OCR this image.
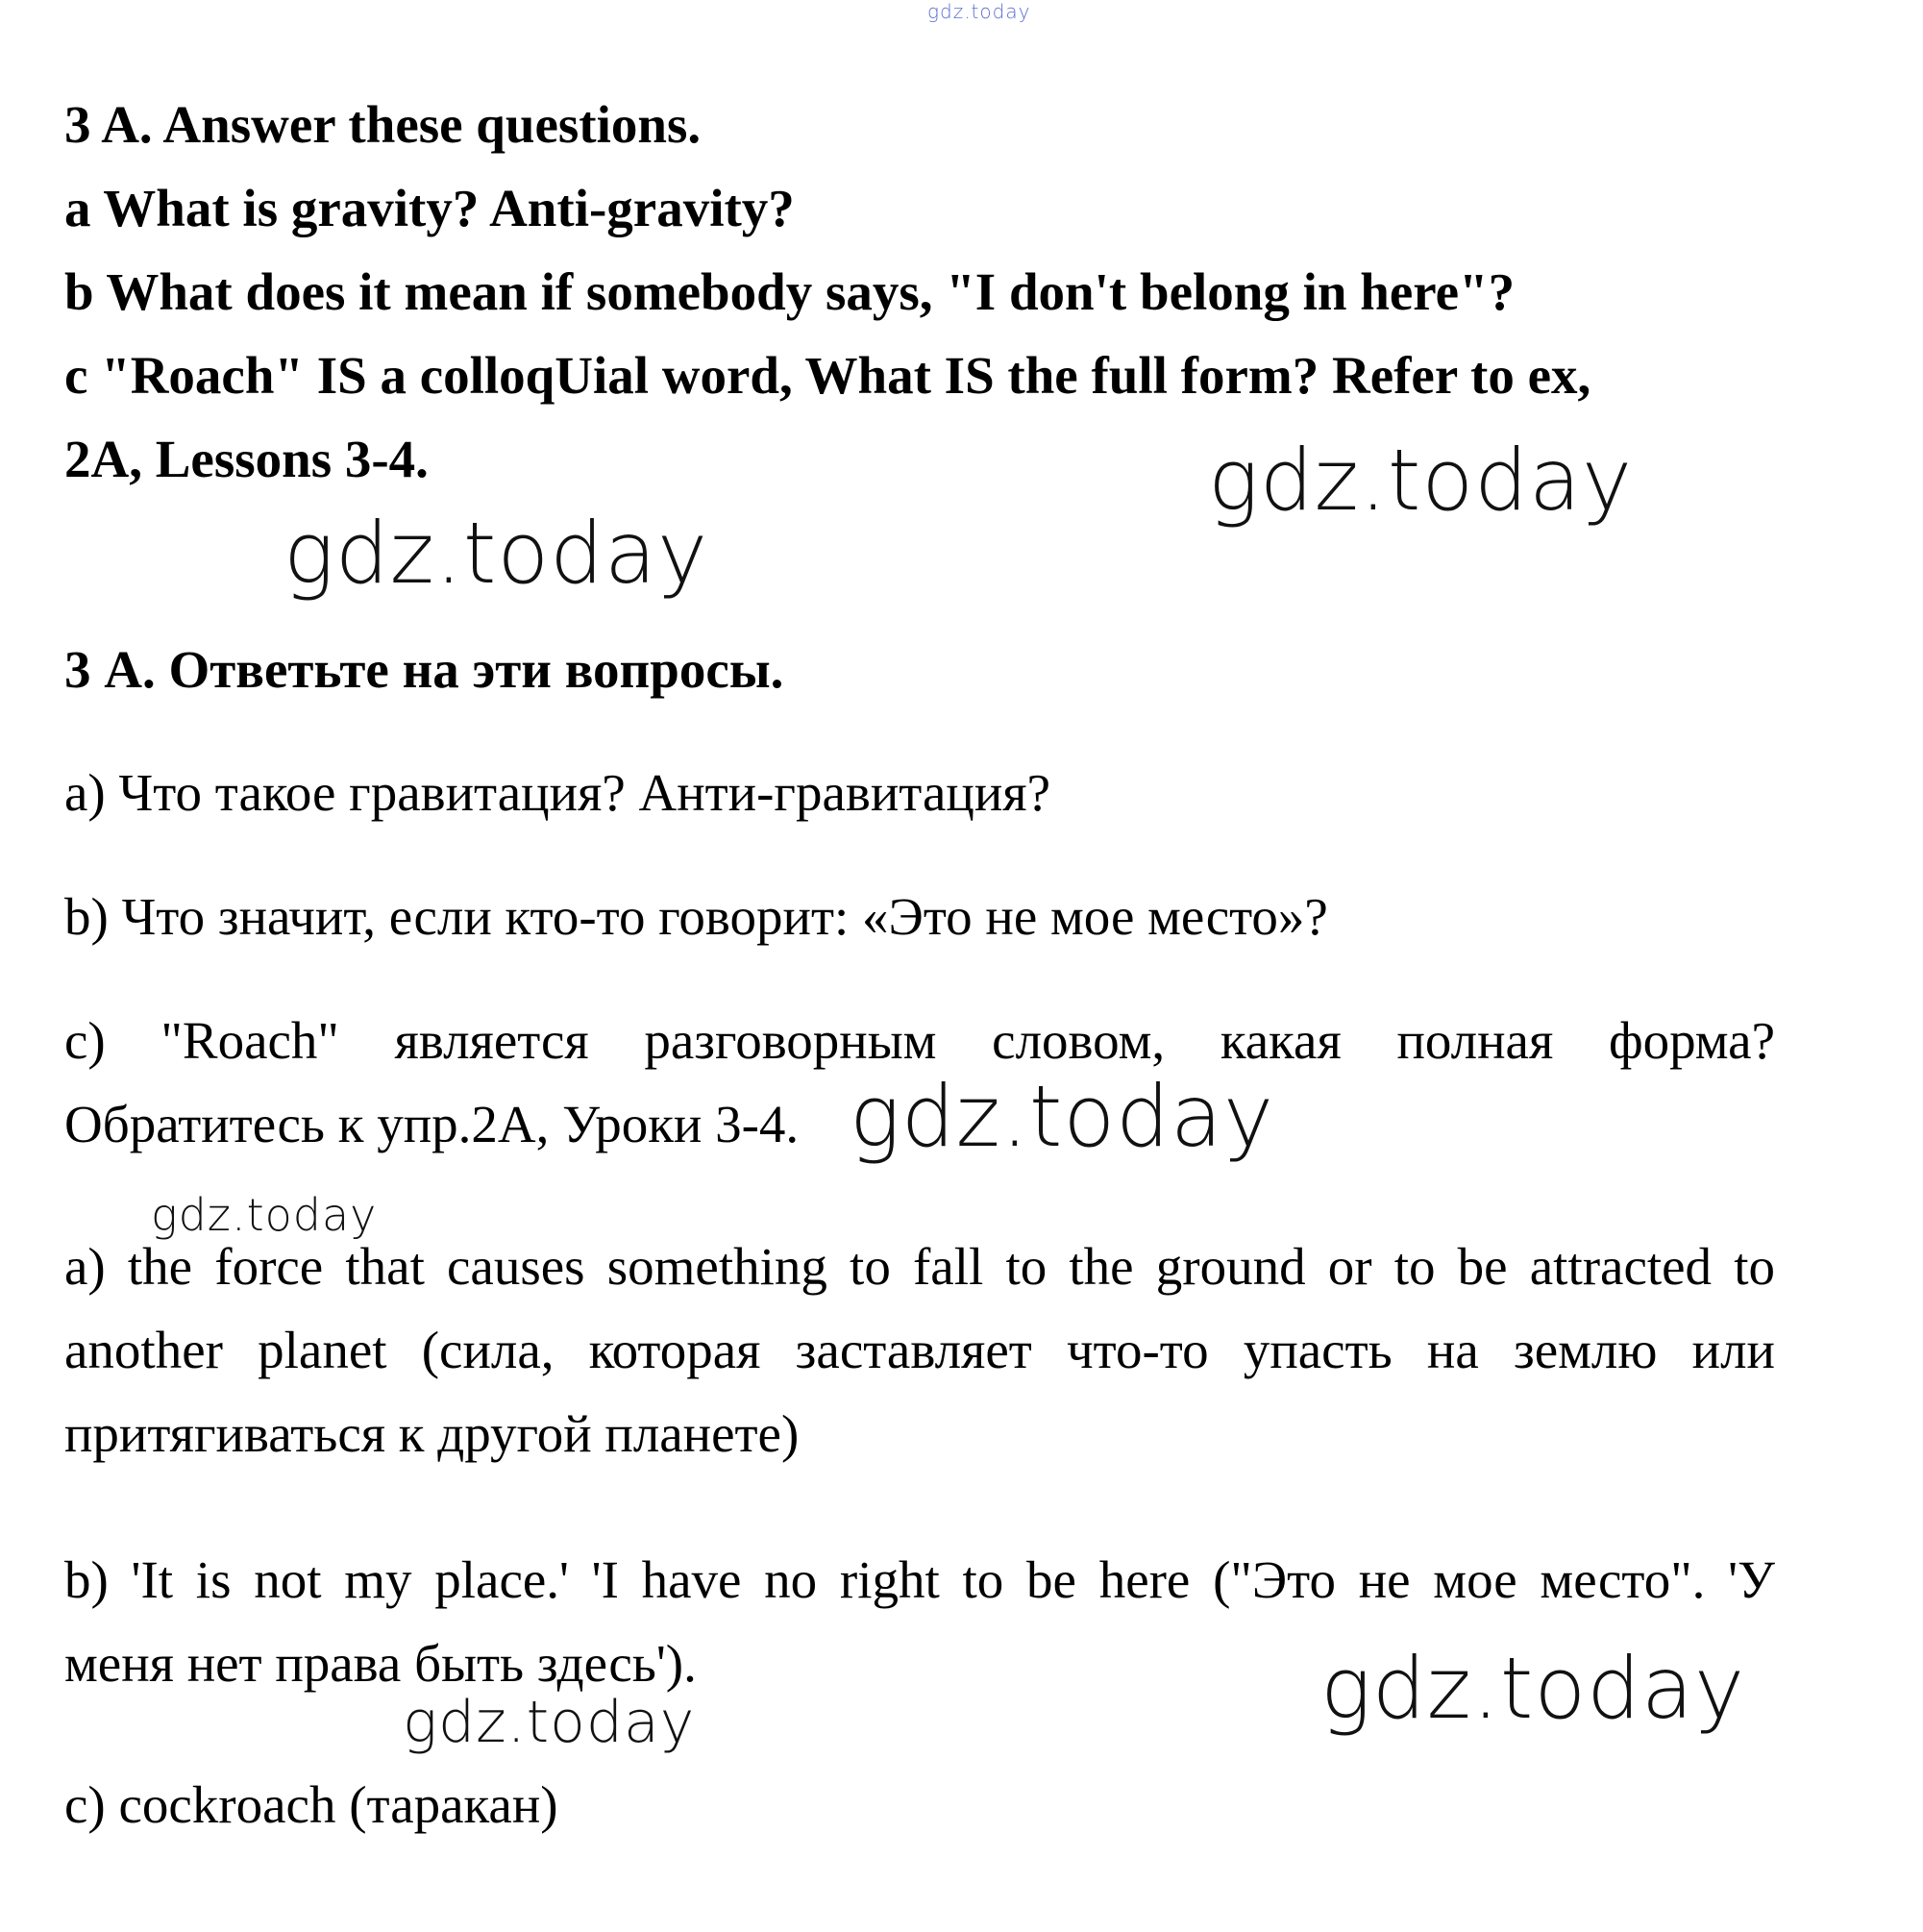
gdz.today
3 A. Answer these questions.
a What is gravity? Anti-gravity?
b What does it mean if somebody says, "I don't belong in here"?
c "Roach" IS a colloqUial word, What IS the full form? Refer to ex,
2A, Lessons 3-4.	gdz.today
gdz.today
3 А. Ответьте на эти вопросы.
а) Что такое гравитация? Анти-гравитация?
b) Что значит, если кто-то говорит: «Это не мое место»?
c) "Roach" является разговорным словом, какая полная форма?
Обратитесь к упр.2А, Уроки 3-4. gdz.today
gdz.today
a) the force that causes something to fall to the ground or to be attracted to
another planet (сила, которая заставляет что-то упасть на землю или
притягиваться к другой планете)
b) 'It is not my place.' 'I have no right to be here ("Это не мое место". 'У
меня нет права быть здесь').	gdz.today
gdz.today
c) cockroach (таракан)
